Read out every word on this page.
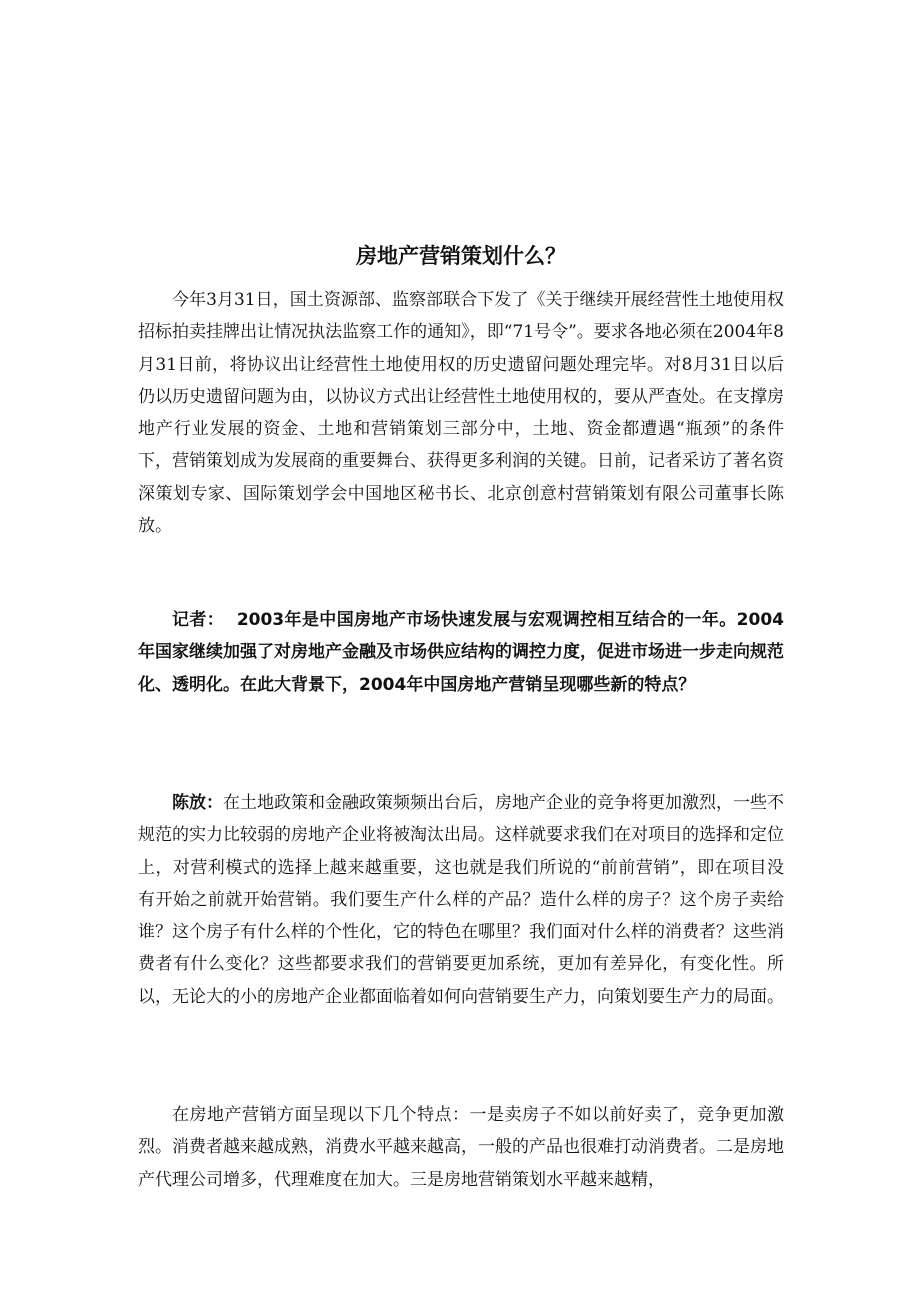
房地产营销策划什么？

今年3月31日，国土资源部、监察部联合下发了《关于继续开展经营性土地使用权招标拍卖挂牌出让情况执法监察工作的通知》，即“71号令”。要求各地必须在2004年8月31日前，将协议出让经营性土地使用权的历史遗留问题处理完毕。对8月31日以后仍以历史遗留问题为由，以协议方式出让经营性土地使用权的，要从严查处。在支撑房地产行业发展的资金、土地和营销策划三部分中，土地、资金都遭遇“瓶颈”的条件下，营销策划成为发展商的重要舞台、获得更多利润的关键。日前，记者采访了著名资深策划专家、国际策划学会中国地区秘书长、北京创意村营销策划有限公司董事长陈放。

记者： 2003年是中国房地产市场快速发展与宏观调控相互结合的一年。2004年国家继续加强了对房地产金融及市场供应结构的调控力度，促进市场进一步走向规范化、透明化。在此大背景下，2004年中国房地产营销呈现哪些新的特点？

陈放：在土地政策和金融政策频频出台后，房地产企业的竞争将更加激烈，一些不规范的实力比较弱的房地产企业将被淘汰出局。这样就要求我们在对项目的选择和定位上，对营利模式的选择上越来越重要，这也就是我们所说的“前前营销”，即在项目没有开始之前就开始营销。我们要生产什么样的产品？造什么样的房子？这个房子卖给谁？这个房子有什么样的个性化，它的特色在哪里？我们面对什么样的消费者？这些消费者有什么变化？这些都要求我们的营销要更加系统，更加有差异化，有变化性。所以，无论大的小的房地产企业都面临着如何向营销要生产力，向策划要生产力的局面。

在房地产营销方面呈现以下几个特点：一是卖房子不如以前好卖了，竞争更加激烈。消费者越来越成熟，消费水平越来越高，一般的产品也很难打动消费者。二是房地产代理公司增多，代理难度在加大。三是房地营销策划水平越来越精，
